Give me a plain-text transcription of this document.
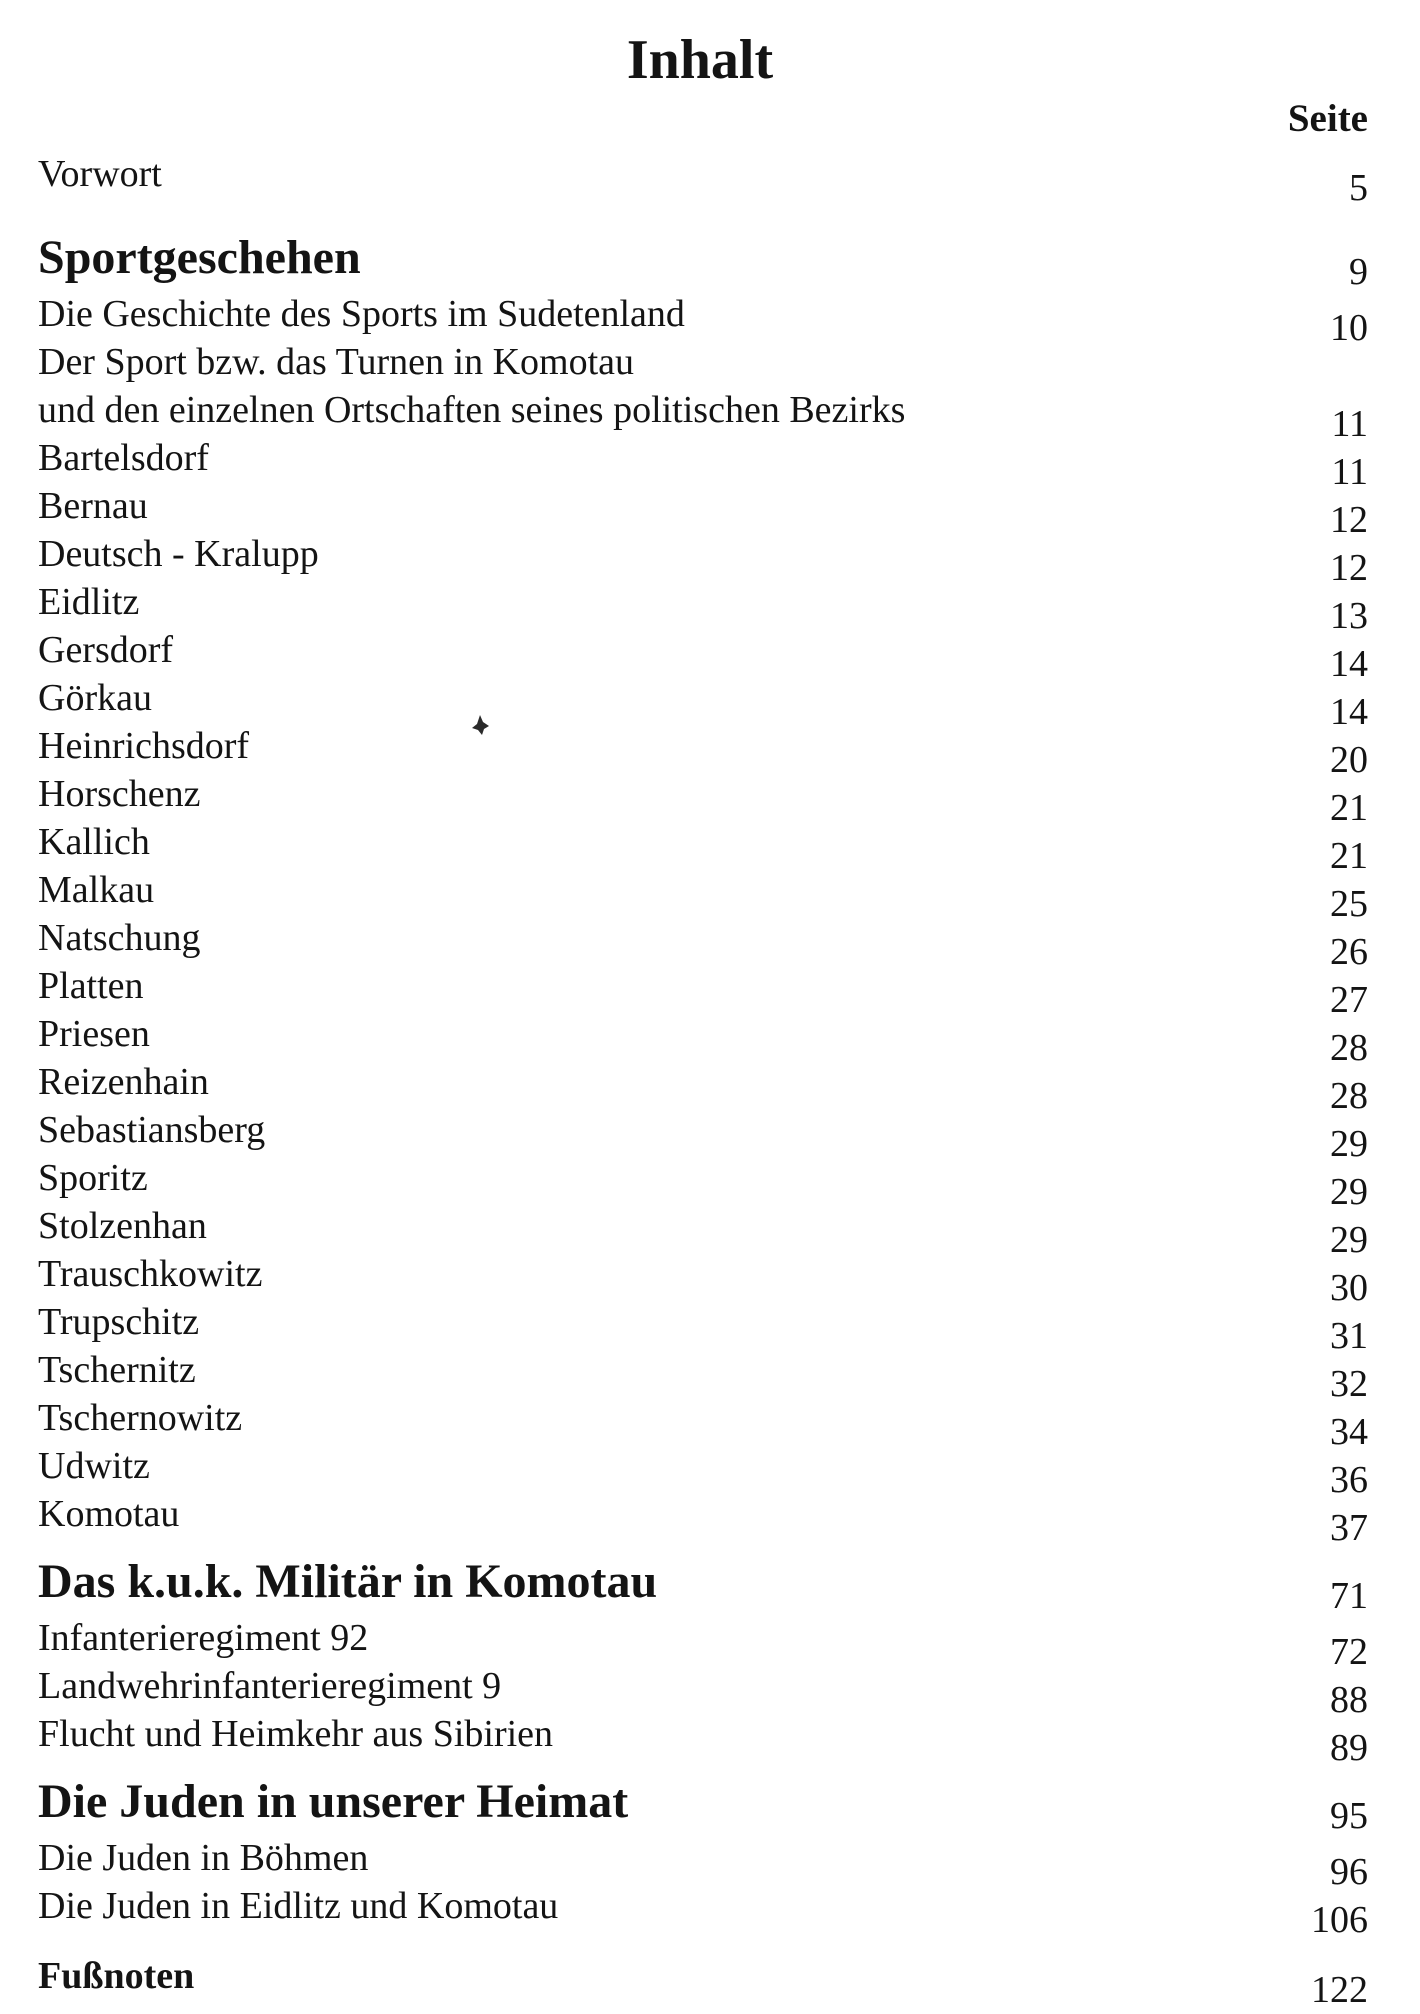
Inhalt
Seite
Vorwort	5
Sportgeschehen	9
Die Geschichte des Sports im Sudetenland	10
Der Sport bzw. das Turnen in Komotau
und den einzelnen Ortschaften seines politischen Bezirks	11
Bartelsdorf	11
Bernau	12
Deutsch - Kralupp	12
Eidlitz	13
Gersdorf	14
Görkau	14
Heinrichsdorf	20
Horschenz	21
Kallich	21
Malkau	25
Natschung	26
Platten	27
Priesen	28
Reizenhain	28
Sebastiansberg	29
Sporitz	29
Stolzenhan	29
Trauschkowitz	30
Trupschitz	31
Tschernitz	32
Tschernowitz	34
Udwitz	36
Komotau	37
Das k.u.k. Militär in Komotau	71
Infanterieregiment 92	72
Landwehrinfanterieregiment 9	88
Flucht und Heimkehr aus Sibirien	89
Die Juden in unserer Heimat	95
Die Juden in Böhmen	96
Die Juden in Eidlitz und Komotau	106
Fußnoten	122
